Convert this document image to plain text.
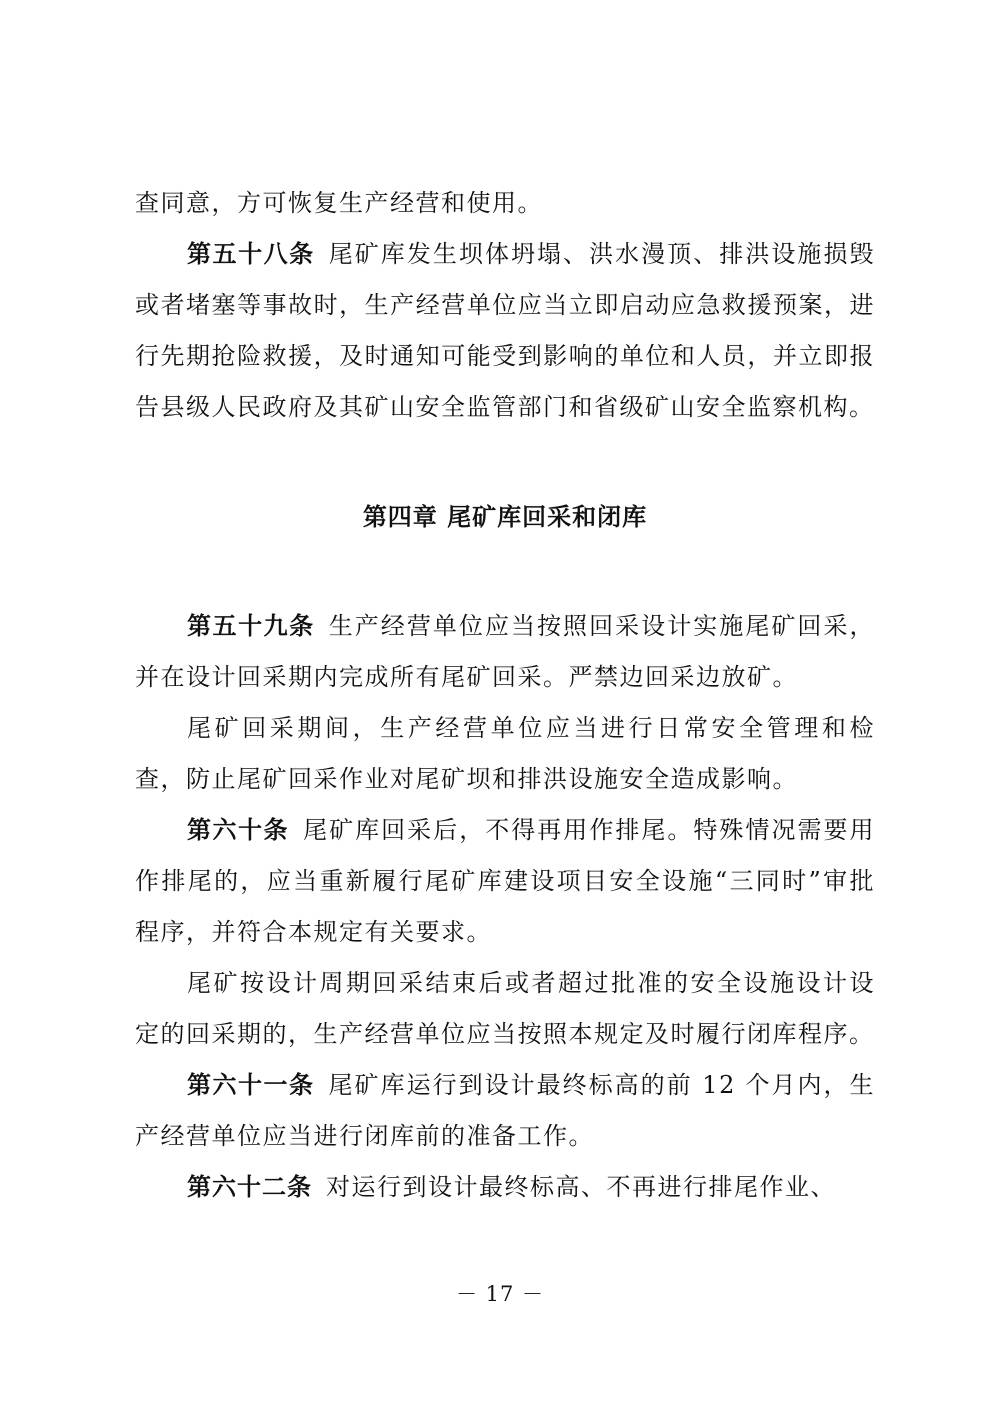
查同意，方可恢复生产经营和使用。

第五十八条 尾矿库发生坝体坍塌、洪水漫顶、排洪设施损毁或者堵塞等事故时，生产经营单位应当立即启动应急救援预案，进行先期抢险救援，及时通知可能受到影响的单位和人员，并立即报告县级人民政府及其矿山安全监管部门和省级矿山安全监察机构。

第四章 尾矿库回采和闭库

第五十九条 生产经营单位应当按照回采设计实施尾矿回采，并在设计回采期内完成所有尾矿回采。严禁边回采边放矿。

尾矿回采期间，生产经营单位应当进行日常安全管理和检查，防止尾矿回采作业对尾矿坝和排洪设施安全造成影响。

第六十条 尾矿库回采后，不得再用作排尾。特殊情况需要用作排尾的，应当重新履行尾矿库建设项目安全设施“三同时”审批程序，并符合本规定有关要求。

尾矿按设计周期回采结束后或者超过批准的安全设施设计设定的回采期的，生产经营单位应当按照本规定及时履行闭库程序。

第六十一条 尾矿库运行到设计最终标高的前 12 个月内，生产经营单位应当进行闭库前的准备工作。

第六十二条 对运行到设计最终标高、不再进行排尾作业、

－ 17 －
